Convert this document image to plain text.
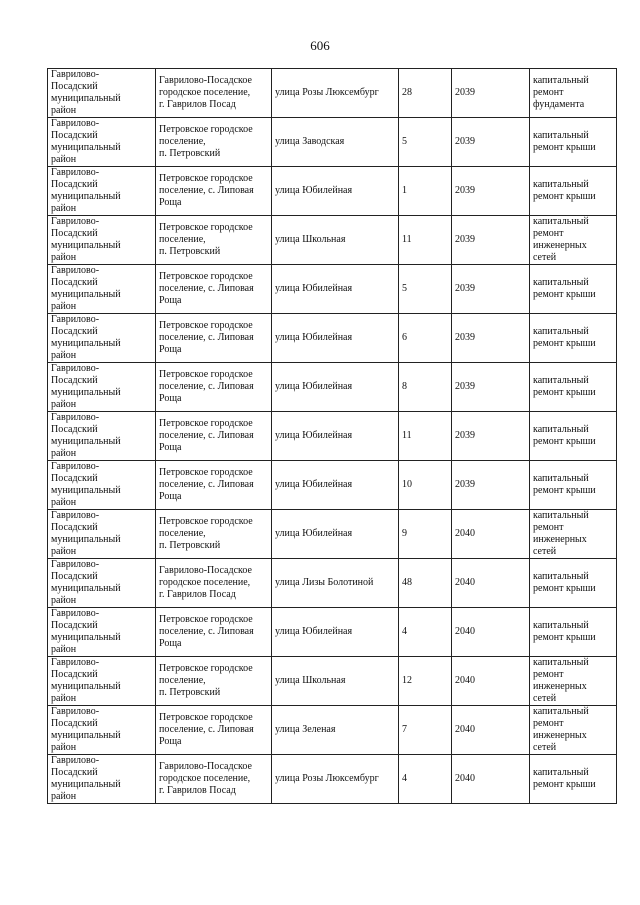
606
Гаврилово-
Посадский
муниципальный
район	Гаврилово-Посадское
городское поселение,
г. Гаврилов Посад	улица Розы Люксембург	28	2039	капитальный
ремонт
фундамента
Гаврилово-
Посадский
муниципальный
район	Петровское городское
поселение,
п. Петровский	улица Заводская	5	2039	капитальный
ремонт крыши
Гаврилово-
Посадский
муниципальный
район	Петровское городское
поселение, с. Липовая
Роща	улица Юбилейная	1	2039	капитальный
ремонт крыши
Гаврилово-
Посадский
муниципальный
район	Петровское городское
поселение,
п. Петровский	улица Школьная	11	2039	капитальный
ремонт
инженерных
сетей
Гаврилово-
Посадский
муниципальный
район	Петровское городское
поселение, с. Липовая
Роща	улица Юбилейная	5	2039	капитальный
ремонт крыши
Гаврилово-
Посадский
муниципальный
район	Петровское городское
поселение, с. Липовая
Роща	улица Юбилейная	6	2039	капитальный
ремонт крыши
Гаврилово-
Посадский
муниципальный
район	Петровское городское
поселение, с. Липовая
Роща	улица Юбилейная	8	2039	капитальный
ремонт крыши
Гаврилово-
Посадский
муниципальный
район	Петровское городское
поселение, с. Липовая
Роща	улица Юбилейная	11	2039	капитальный
ремонт крыши
Гаврилово-
Посадский
муниципальный
район	Петровское городское
поселение, с. Липовая
Роща	улица Юбилейная	10	2039	капитальный
ремонт крыши
Гаврилово-
Посадский
муниципальный
район	Петровское городское
поселение,
п. Петровский	улица Юбилейная	9	2040	капитальный
ремонт
инженерных
сетей
Гаврилово-
Посадский
муниципальный
район	Гаврилово-Посадское
городское поселение,
г. Гаврилов Посад	улица Лизы Болотиной	48	2040	капитальный
ремонт крыши
Гаврилово-
Посадский
муниципальный
район	Петровское городское
поселение, с. Липовая
Роща	улица Юбилейная	4	2040	капитальный
ремонт крыши
Гаврилово-
Посадский
муниципальный
район	Петровское городское
поселение,
п. Петровский	улица Школьная	12	2040	капитальный
ремонт
инженерных
сетей
Гаврилово-
Посадский
муниципальный
район	Петровское городское
поселение, с. Липовая
Роща	улица Зеленая	7	2040	капитальный
ремонт
инженерных
сетей
Гаврилово-
Посадский
муниципальный
район	Гаврилово-Посадское
городское поселение,
г. Гаврилов Посад	улица Розы Люксембург	4	2040	капитальный
ремонт крыши
